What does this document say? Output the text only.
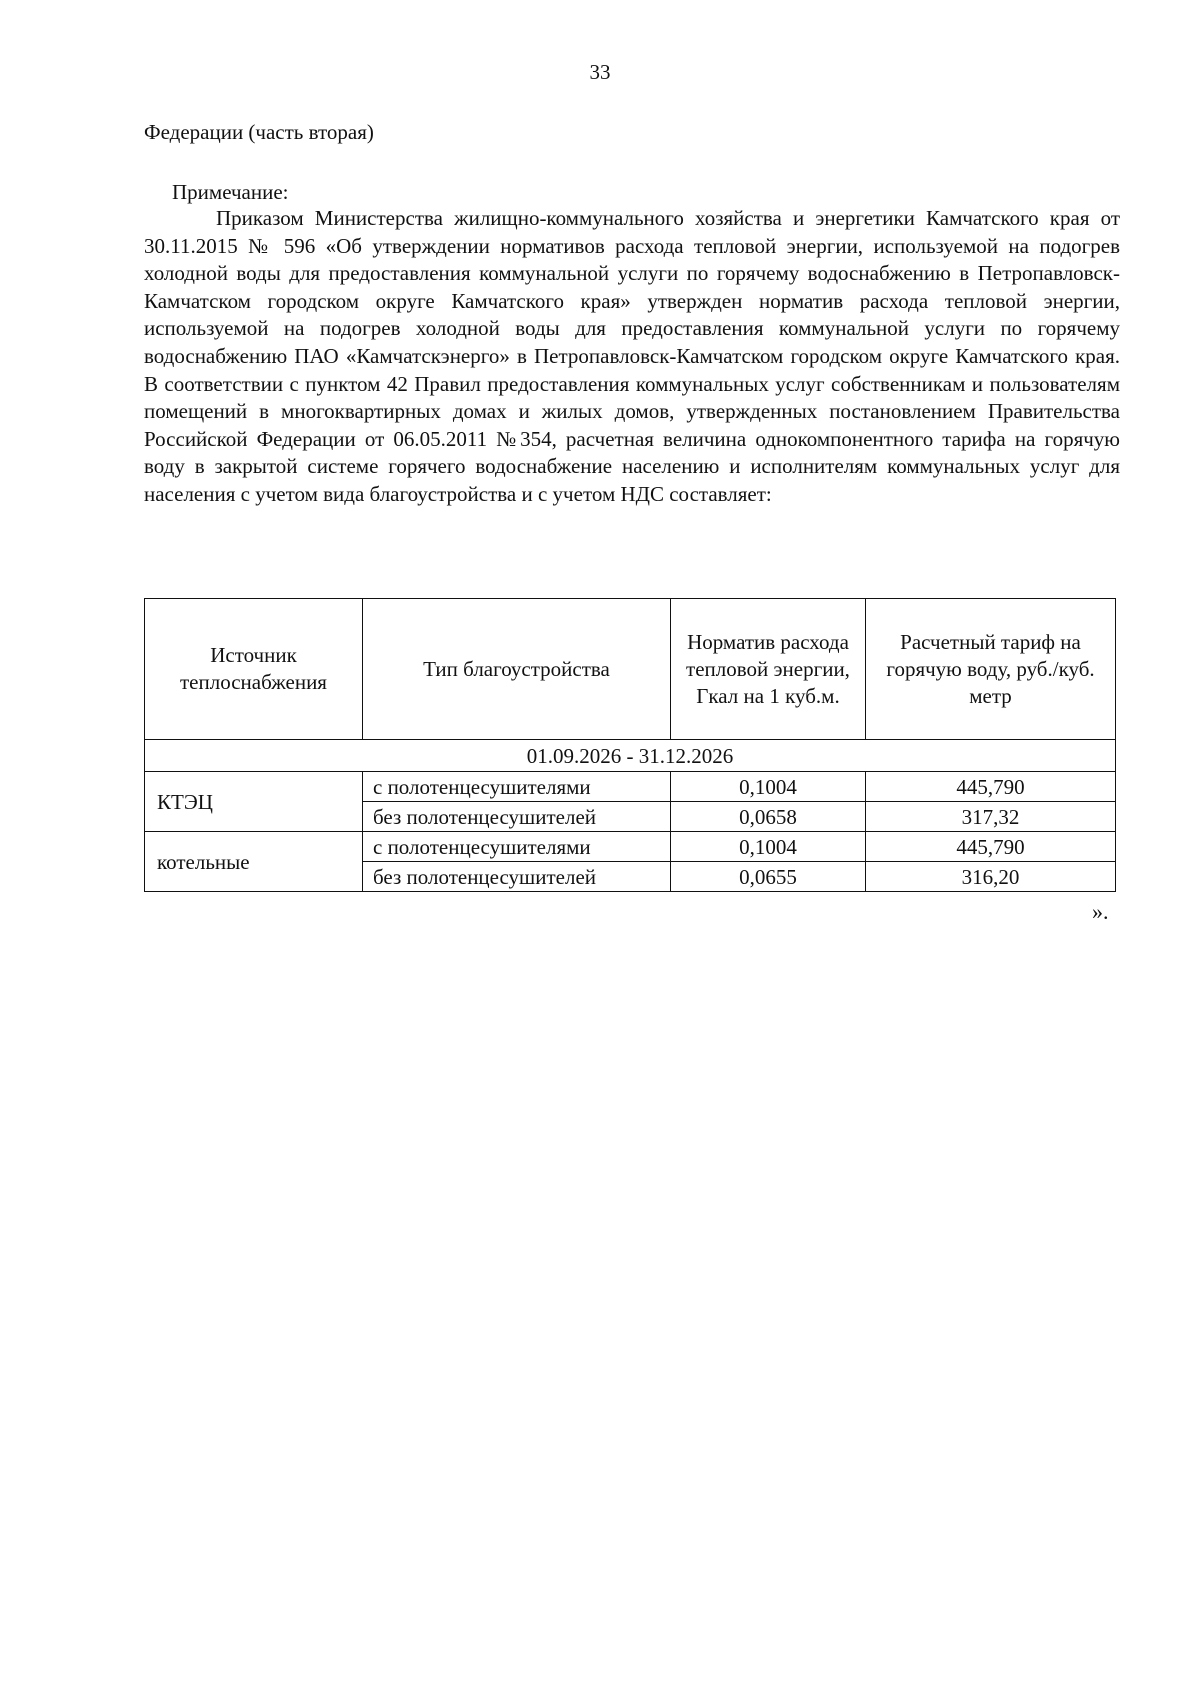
33
Федерации (часть вторая)
Примечание:

Приказом Министерства жилищно-коммунального хозяйства и энергетики Камчатского края от 30.11.2015 № 596 «Об утверждении нормативов расхода тепловой энергии, используемой на подогрев холодной воды для предоставления коммунальной услуги по горячему водоснабжению в Петропавловск-Камчатском городском округе Камчатского края» утвержден норматив расхода тепловой энергии, используемой на подогрев холодной воды для предоставления коммунальной услуги по горячему водоснабжению ПАО «Камчатскэнерго» в Петропавловск-Камчатском городском округе Камчатского края. В соответствии с пунктом 42 Правил предоставления коммунальных услуг собственникам и пользователям помещений в многоквартирных домах и жилых домов, утвержденных постановлением Правительства Российской Федерации от 06.05.2011 №354, расчетная величина однокомпонентного тарифа на горячую воду в закрытой системе горячего водоснабжение населению и исполнителям коммунальных услуг для населения с учетом вида благоустройства и с учетом НДС составляет:

Источник теплоснабжения	Тип благоустройства	Норматив расхода тепловой энергии, Гкал на 1 куб.м.	Расчетный тариф на горячую воду, руб./куб. метр
01.09.2026 - 31.12.2026			
КТЭЦ	с полотенцесушителями	0,1004	445,790
	без полотенцесушителей	0,0658	317,32
котельные	с полотенцесушителями	0,1004	445,790
	без полотенцесушителей	0,0655	316,20
».
